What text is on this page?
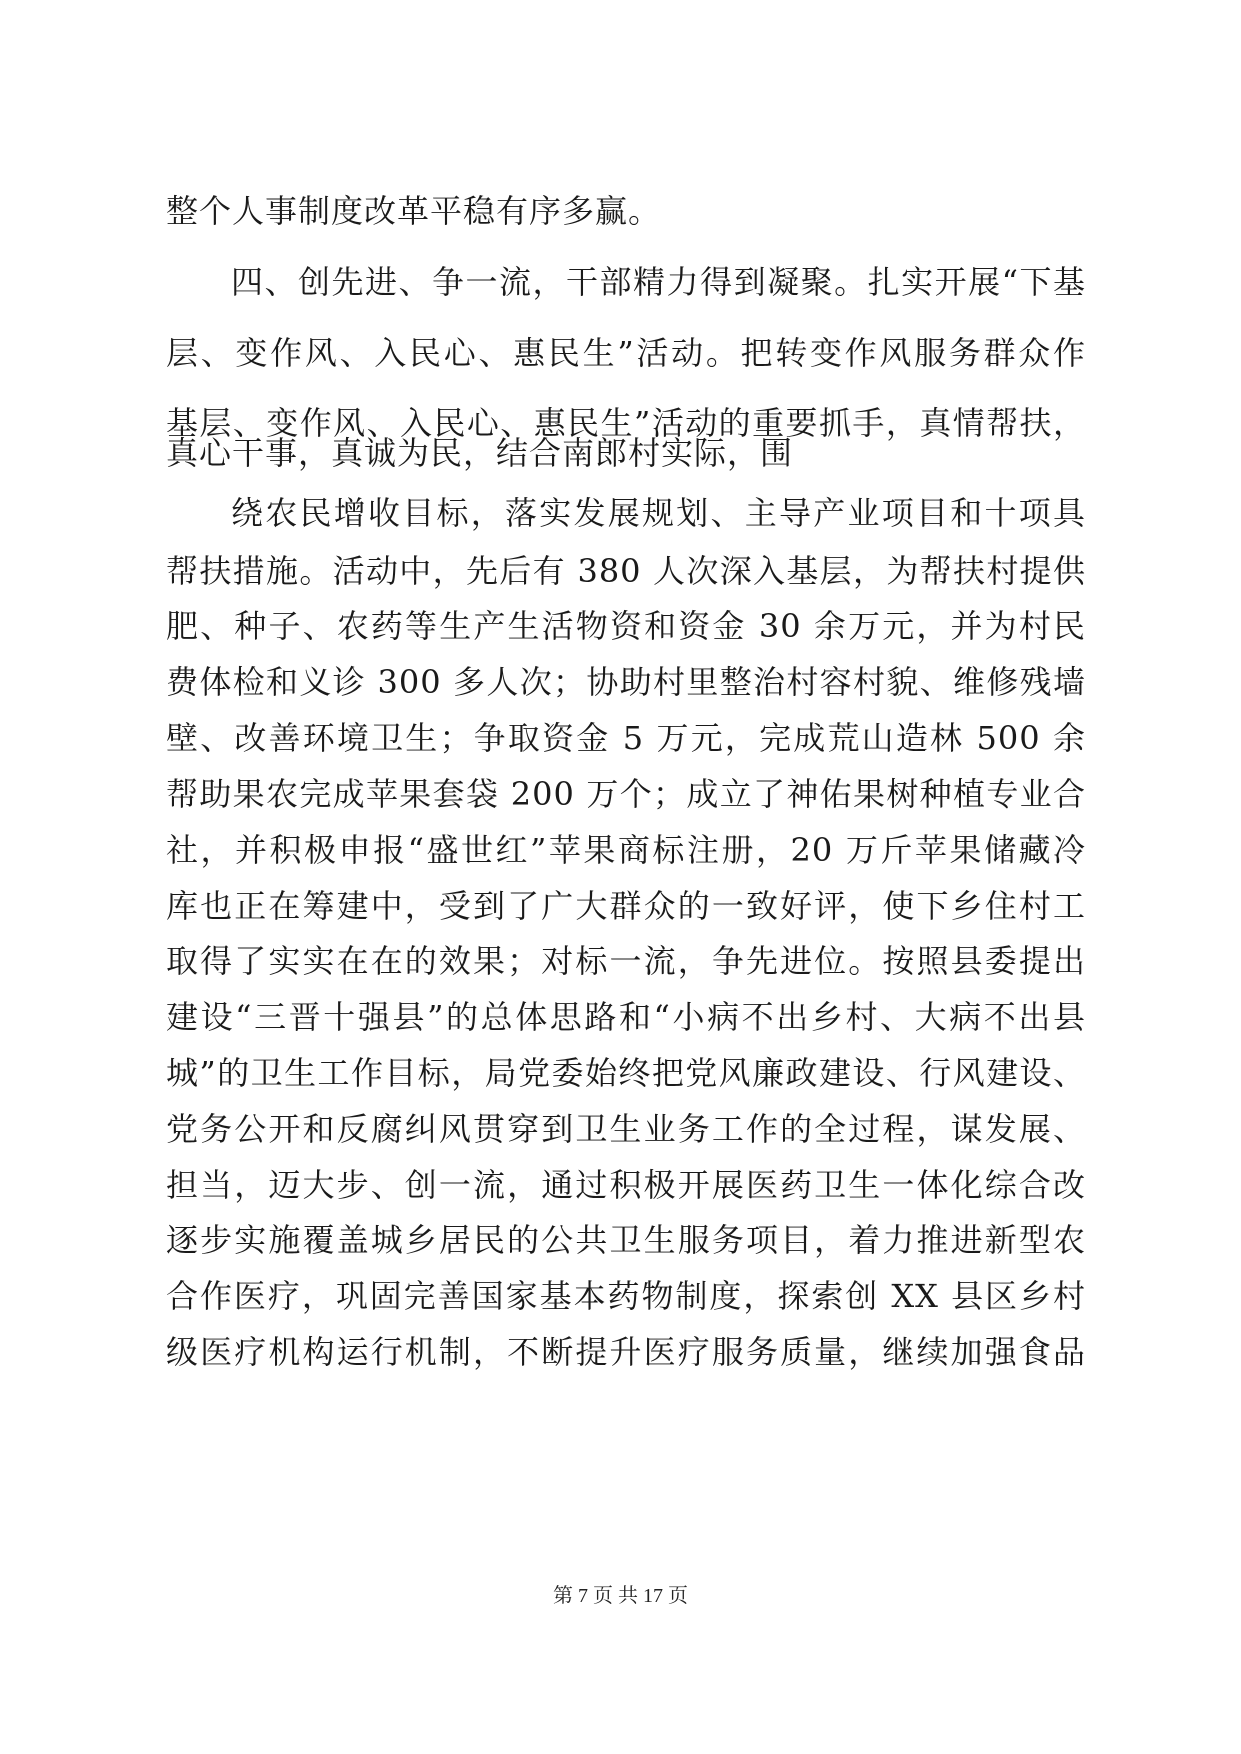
整个人事制度改革平稳有序多赢。
四、创先进、争一流，干部精力得到凝聚。扎实开展“下基
层、变作风、入民心、惠民生”活动。把转变作风服务群众作
基层、变作风、入民心、惠民生”活动的重要抓手，真情帮扶，
真心干事，真诚为民，结合南郎村实际，围
绕农民增收目标，落实发展规划、主导产业项目和十项具
帮扶措施。活动中，先后有 380 人次深入基层，为帮扶村提供
肥、种子、农药等生产生活物资和资金 30 余万元，并为村民
费体检和义诊 300 多人次；协助村里整治村容村貌、维修残墙
壁、改善环境卫生；争取资金 5 万元，完成荒山造林 500 余
帮助果农完成苹果套袋 200 万个；成立了神佑果树种植专业合
社，并积极申报“盛世红”苹果商标注册，20 万斤苹果储藏冷
库也正在筹建中，受到了广大群众的一致好评，使下乡住村工
取得了实实在在的效果；对标一流，争先进位。按照县委提出
建设“三晋十强县”的总体思路和“小病不出乡村、大病不出县
城”的卫生工作目标，局党委始终把党风廉政建设、行风建设、
党务公开和反腐纠风贯穿到卫生业务工作的全过程，谋发展、
担当，迈大步、创一流，通过积极开展医药卫生一体化综合改
逐步实施覆盖城乡居民的公共卫生服务项目，着力推进新型农
合作医疗，巩固完善国家基本药物制度，探索创 XX 县区乡村
级医疗机构运行机制，不断提升医疗服务质量，继续加强食品
第 7 页 共 17 页
